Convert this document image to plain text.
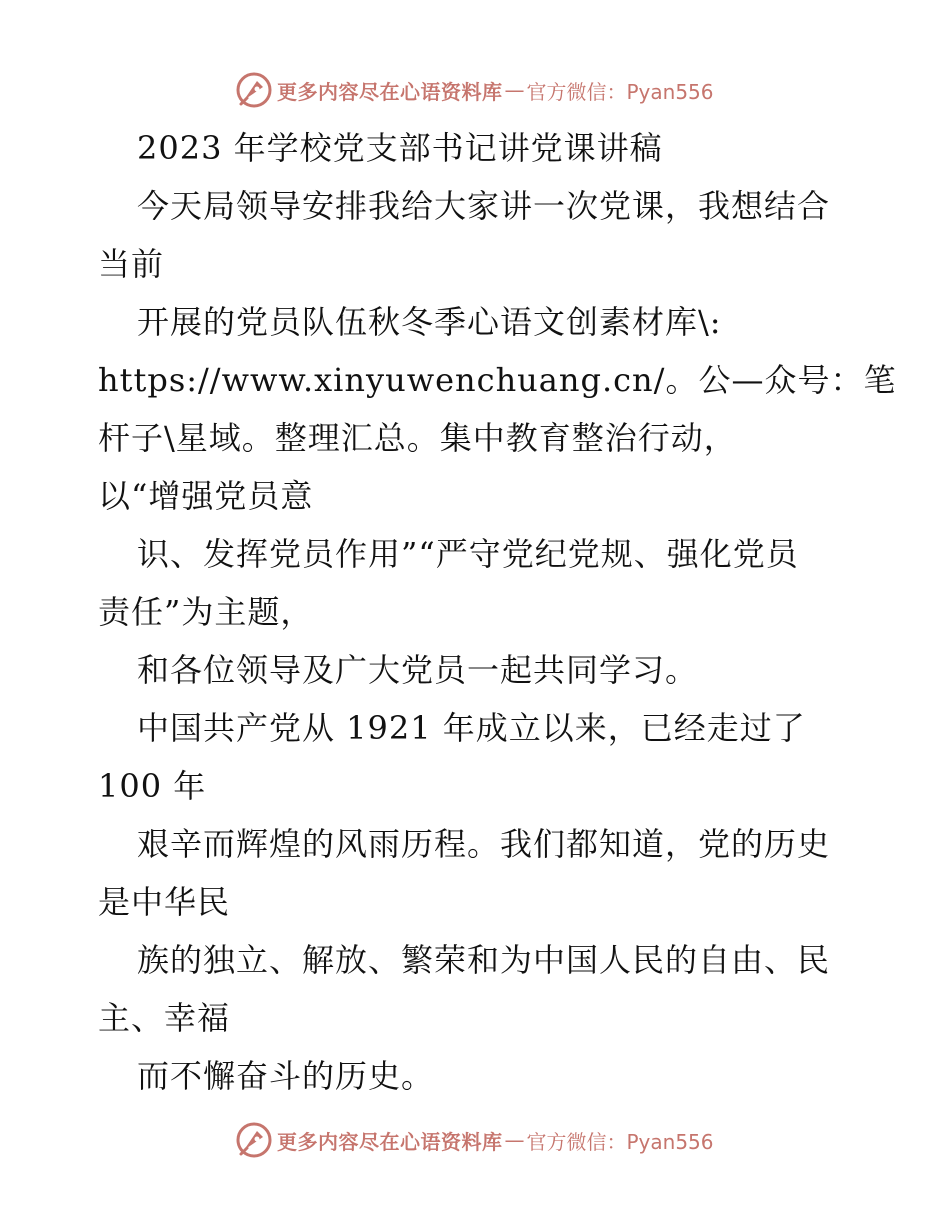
更多内容尽在心语资料库 — 官方微信：Pyan556
2023 年学校党支部书记讲党课讲稿
今天局领导安排我给大家讲一次党课，我想结合
当前
开展的党员队伍秋冬季心语文创素材库\:
https://www.xinyuwenchuang.cn/。公—众号：笔
杆子\星域。整理汇总。集中教育整治行动，
以“增强党员意
识、发挥党员作用”“严守党纪党规、强化党员
责任”为主题，
和各位领导及广大党员一起共同学习。
中国共产党从 1921 年成立以来，已经走过了
100 年
艰辛而辉煌的风雨历程。我们都知道，党的历史
是中华民
族的独立、解放、繁荣和为中国人民的自由、民
主、幸福
而不懈奋斗的历史。
更多内容尽在心语资料库 — 官方微信：Pyan556
